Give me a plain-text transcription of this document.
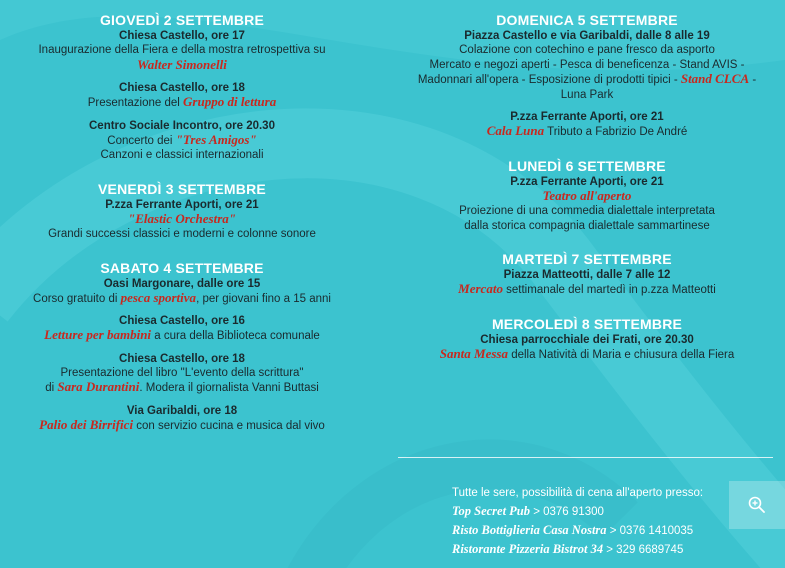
GIOVEDÌ 2 SETTEMBRE

Chiesa Castello, ore 17

Inaugurazione della Fiera e della mostra retrospettiva su

Walter Simonelli

Chiesa Castello, ore 18

Presentazione del Gruppo di lettura

Centro Sociale Incontro, ore 20.30

Concerto dei "Tres Amigos"

Canzoni e classici internazionali

VENERDÌ 3 SETTEMBRE

P.zza Ferrante Aporti, ore 21

"Elastic Orchestra"

Grandi successi classici e moderni e colonne sonore

SABATO 4 SETTEMBRE

Oasi Margonare, dalle ore 15

Corso gratuito di pesca sportiva, per giovani fino a 15 anni

Chiesa Castello, ore 16

Letture per bambini a cura della Biblioteca comunale

Chiesa Castello, ore 18

Presentazione del libro "L'evento della scrittura"

di Sara Durantini. Modera il giornalista Vanni Buttasi

Via Garibaldi, ore 18

Palio dei Birrifici con servizio cucina e musica dal vivo

DOMENICA 5 SETTEMBRE

Piazza Castello e via Garibaldi, dalle 8 alle 19

Colazione con cotechino e pane fresco da asporto

Mercato e negozi aperti - Pesca di beneficenza - Stand AVIS -

Madonnari all'opera - Esposizione di prodotti tipici - Stand CLCA -

Luna Park

P.zza Ferrante Aporti, ore 21

Cala Luna Tributo a Fabrizio De André

LUNEDÌ 6 SETTEMBRE

P.zza Ferrante Aporti, ore 21

Teatro all'aperto

Proiezione di una commedia dialettale interpretata

dalla storica compagnia dialettale sammartinese

MARTEDÌ 7 SETTEMBRE

Piazza Matteotti, dalle 7 alle 12

Mercato settimanale del martedì in p.zza Matteotti

MERCOLEDÌ 8 SETTEMBRE

Chiesa parrocchiale dei Frati, ore 20.30

Santa Messa della Natività di Maria e chiusura della Fiera

Tutte le sere, possibilità di cena all'aperto presso:
Top Secret Pub > 0376 91300
Risto Bottiglieria Casa Nostra > 0376 1410035
Ristorante Pizzeria Bistrot 34 > 329 6689745
